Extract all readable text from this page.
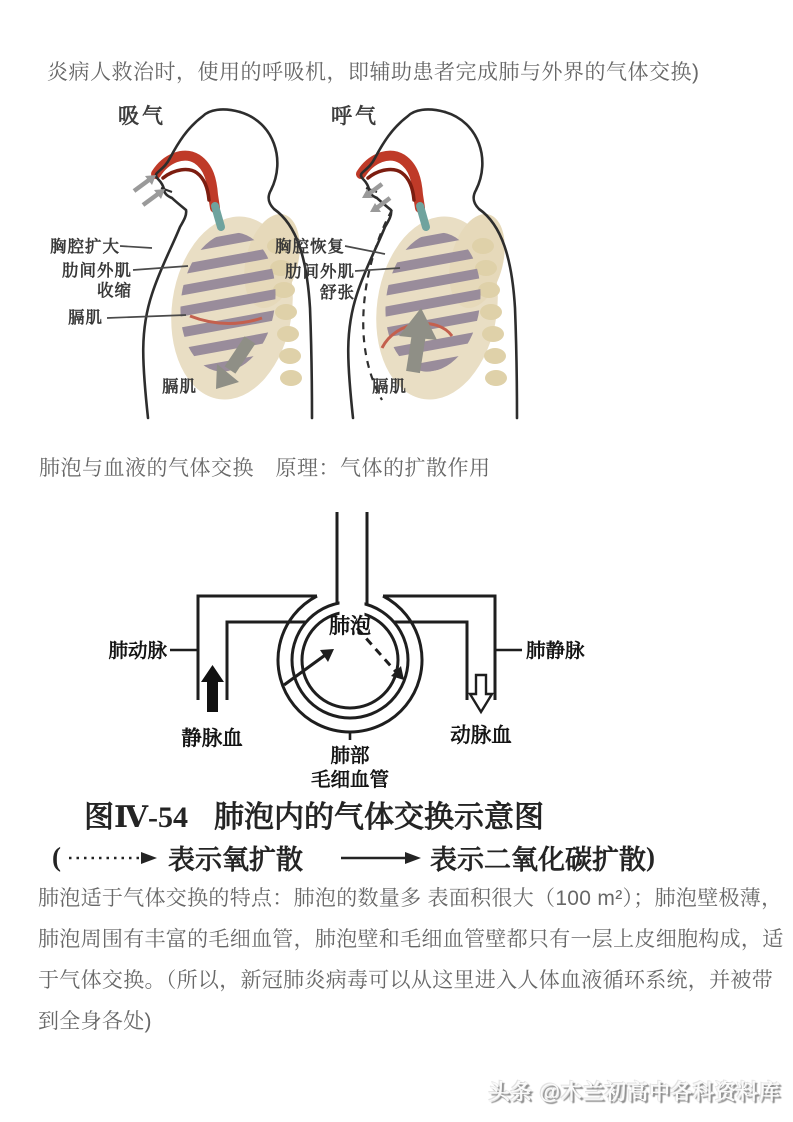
炎病人救治时，使用的呼吸机，即辅助患者完成肺与外界的气体交换)
吸气
胸腔扩大
肋间外肌
收缩
膈肌
膈肌
呼气
胸腔恢复
肋间外肌
舒张
膈肌
肺泡与血液的气体交换　原理：气体的扩散作用
肺泡
肺动脉	肺静脉
静脉血	动脉血
肺部
毛细血管
图Ⅳ-54 肺泡内的气体交换示意图
(	表示氧扩散	表示二氧化碳扩散 )
肺泡适于气体交换的特点：肺泡的数量多 表面积很大（100 m²）；肺泡壁极薄，
肺泡周围有丰富的毛细血管，肺泡壁和毛细血管壁都只有一层上皮细胞构成，适
于气体交换。（所以，新冠肺炎病毒可以从这里进入人体血液循环系统，并被带
到全身各处)
头条 @木兰初高中各科资料库
